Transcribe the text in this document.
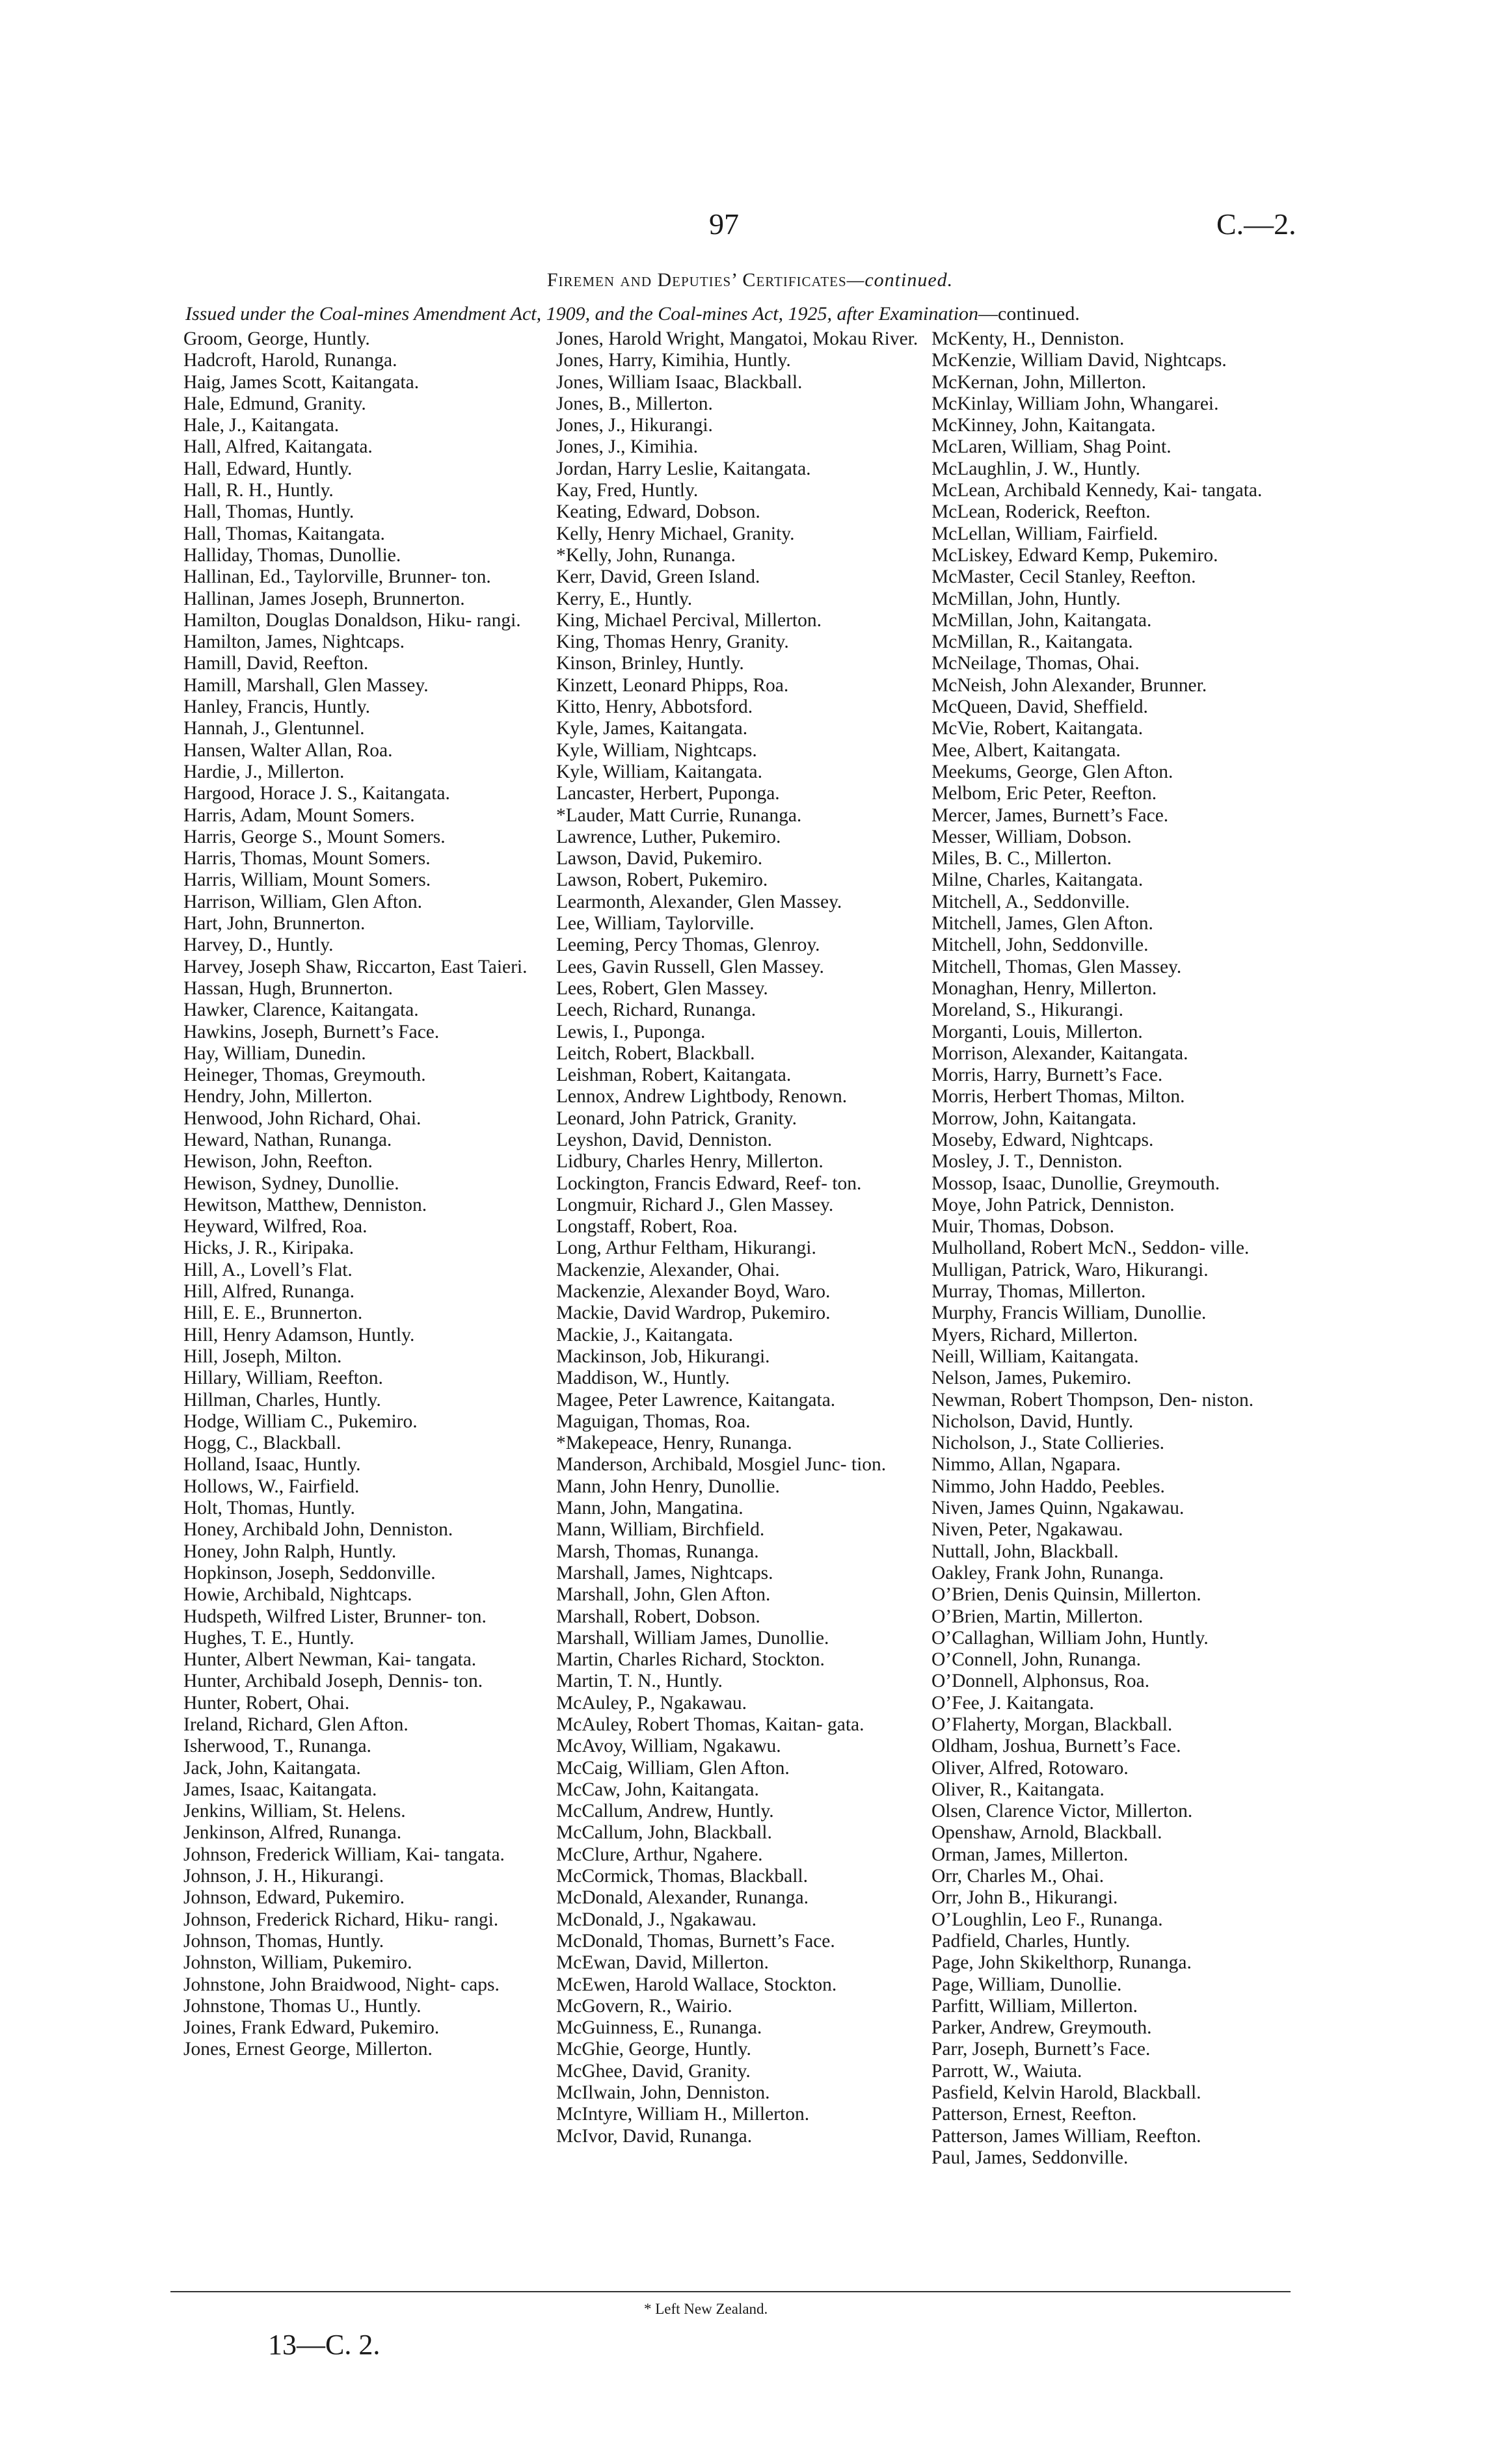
97	C.—2.
Firemen and Deputies’ Certificates—continued.
Issued under the Coal-mines Amendment Act, 1909, and the Coal-mines Act, 1925, after Examination—continued.
Groom, George, Huntly.
Hadcroft, Harold, Runanga.
Haig, James Scott, Kaitangata.
Hale, Edmund, Granity.
Hale, J., Kaitangata.
Hall, Alfred, Kaitangata.
Hall, Edward, Huntly.
Hall, R. H., Huntly.
Hall, Thomas, Huntly.
Hall, Thomas, Kaitangata.
Halliday, Thomas, Dunollie.
Hallinan, Ed., Taylorville, Brunner- ton.
Hallinan, James Joseph, Brunnerton.
Hamilton, Douglas Donaldson, Hiku- rangi.
Hamilton, James, Nightcaps.
Hamill, David, Reefton.
Hamill, Marshall, Glen Massey.
Hanley, Francis, Huntly.
Hannah, J., Glentunnel.
Hansen, Walter Allan, Roa.
Hardie, J., Millerton.
Hargood, Horace J. S., Kaitangata.
Harris, Adam, Mount Somers.
Harris, George S., Mount Somers.
Harris, Thomas, Mount Somers.
Harris, William, Mount Somers.
Harrison, William, Glen Afton.
Hart, John, Brunnerton.
Harvey, D., Huntly.
Harvey, Joseph Shaw, Riccarton, East Taieri.
Hassan, Hugh, Brunnerton.
Hawker, Clarence, Kaitangata.
Hawkins, Joseph, Burnett’s Face.
Hay, William, Dunedin.
Heineger, Thomas, Greymouth.
Hendry, John, Millerton.
Henwood, John Richard, Ohai.
Heward, Nathan, Runanga.
Hewison, John, Reefton.
Hewison, Sydney, Dunollie.
Hewitson, Matthew, Denniston.
Heyward, Wilfred, Roa.
Hicks, J. R., Kiripaka.
Hill, A., Lovell’s Flat.
Hill, Alfred, Runanga.
Hill, E. E., Brunnerton.
Hill, Henry Adamson, Huntly.
Hill, Joseph, Milton.
Hillary, William, Reefton.
Hillman, Charles, Huntly.
Hodge, William C., Pukemiro.
Hogg, C., Blackball.
Holland, Isaac, Huntly.
Hollows, W., Fairfield.
Holt, Thomas, Huntly.
Honey, Archibald John, Denniston.
Honey, John Ralph, Huntly.
Hopkinson, Joseph, Seddonville.
Howie, Archibald, Nightcaps.
Hudspeth, Wilfred Lister, Brunner- ton.
Hughes, T. E., Huntly.
Hunter, Albert Newman, Kai- tangata.
Hunter, Archibald Joseph, Dennis- ton.
Hunter, Robert, Ohai.
Ireland, Richard, Glen Afton.
Isherwood, T., Runanga.
Jack, John, Kaitangata.
James, Isaac, Kaitangata.
Jenkins, William, St. Helens.
Jenkinson, Alfred, Runanga.
Johnson, Frederick William, Kai- tangata.
Johnson, J. H., Hikurangi.
Johnson, Edward, Pukemiro.
Johnson, Frederick Richard, Hiku- rangi.
Johnson, Thomas, Huntly.
Johnston, William, Pukemiro.
Johnstone, John Braidwood, Night- caps.
Johnstone, Thomas U., Huntly.
Joines, Frank Edward, Pukemiro.
Jones, Ernest George, Millerton.
Jones, Harold Wright, Mangatoi, Mokau River.
Jones, Harry, Kimihia, Huntly.
Jones, William Isaac, Blackball.
Jones, B., Millerton.
Jones, J., Hikurangi.
Jones, J., Kimihia.
Jordan, Harry Leslie, Kaitangata.
Kay, Fred, Huntly.
Keating, Edward, Dobson.
Kelly, Henry Michael, Granity.
*Kelly, John, Runanga.
Kerr, David, Green Island.
Kerry, E., Huntly.
King, Michael Percival, Millerton.
King, Thomas Henry, Granity.
Kinson, Brinley, Huntly.
Kinzett, Leonard Phipps, Roa.
Kitto, Henry, Abbotsford.
Kyle, James, Kaitangata.
Kyle, William, Nightcaps.
Kyle, William, Kaitangata.
Lancaster, Herbert, Puponga.
*Lauder, Matt Currie, Runanga.
Lawrence, Luther, Pukemiro.
Lawson, David, Pukemiro.
Lawson, Robert, Pukemiro.
Learmonth, Alexander, Glen Massey.
Lee, William, Taylorville.
Leeming, Percy Thomas, Glenroy.
Lees, Gavin Russell, Glen Massey.
Lees, Robert, Glen Massey.
Leech, Richard, Runanga.
Lewis, I., Puponga.
Leitch, Robert, Blackball.
Leishman, Robert, Kaitangata.
Lennox, Andrew Lightbody, Renown.
Leonard, John Patrick, Granity.
Leyshon, David, Denniston.
Lidbury, Charles Henry, Millerton.
Lockington, Francis Edward, Reef- ton.
Longmuir, Richard J., Glen Massey.
Longstaff, Robert, Roa.
Long, Arthur Feltham, Hikurangi.
Mackenzie, Alexander, Ohai.
Mackenzie, Alexander Boyd, Waro.
Mackie, David Wardrop, Pukemiro.
Mackie, J., Kaitangata.
Mackinson, Job, Hikurangi.
Maddison, W., Huntly.
Magee, Peter Lawrence, Kaitangata.
Maguigan, Thomas, Roa.
*Makepeace, Henry, Runanga.
Manderson, Archibald, Mosgiel Junc- tion.
Mann, John Henry, Dunollie.
Mann, John, Mangatina.
Mann, William, Birchfield.
Marsh, Thomas, Runanga.
Marshall, James, Nightcaps.
Marshall, John, Glen Afton.
Marshall, Robert, Dobson.
Marshall, William James, Dunollie.
Martin, Charles Richard, Stockton.
Martin, T. N., Huntly.
McAuley, P., Ngakawau.
McAuley, Robert Thomas, Kaitan- gata.
McAvoy, William, Ngakawu.
McCaig, William, Glen Afton.
McCaw, John, Kaitangata.
McCallum, Andrew, Huntly.
McCallum, John, Blackball.
McClure, Arthur, Ngahere.
McCormick, Thomas, Blackball.
McDonald, Alexander, Runanga.
McDonald, J., Ngakawau.
McDonald, Thomas, Burnett’s Face.
McEwan, David, Millerton.
McEwen, Harold Wallace, Stockton.
McGovern, R., Wairio.
McGuinness, E., Runanga.
McGhie, George, Huntly.
McGhee, David, Granity.
McIlwain, John, Denniston.
McIntyre, William H., Millerton.
McIvor, David, Runanga.
McKenty, H., Denniston.
McKenzie, William David, Nightcaps.
McKernan, John, Millerton.
McKinlay, William John, Whangarei.
McKinney, John, Kaitangata.
McLaren, William, Shag Point.
McLaughlin, J. W., Huntly.
McLean, Archibald Kennedy, Kai- tangata.
McLean, Roderick, Reefton.
McLellan, William, Fairfield.
McLiskey, Edward Kemp, Pukemiro.
McMaster, Cecil Stanley, Reefton.
McMillan, John, Huntly.
McMillan, John, Kaitangata.
McMillan, R., Kaitangata.
McNeilage, Thomas, Ohai.
McNeish, John Alexander, Brunner.
McQueen, David, Sheffield.
McVie, Robert, Kaitangata.
Mee, Albert, Kaitangata.
Meekums, George, Glen Afton.
Melbom, Eric Peter, Reefton.
Mercer, James, Burnett’s Face.
Messer, William, Dobson.
Miles, B. C., Millerton.
Milne, Charles, Kaitangata.
Mitchell, A., Seddonville.
Mitchell, James, Glen Afton.
Mitchell, John, Seddonville.
Mitchell, Thomas, Glen Massey.
Monaghan, Henry, Millerton.
Moreland, S., Hikurangi.
Morganti, Louis, Millerton.
Morrison, Alexander, Kaitangata.
Morris, Harry, Burnett’s Face.
Morris, Herbert Thomas, Milton.
Morrow, John, Kaitangata.
Moseby, Edward, Nightcaps.
Mosley, J. T., Denniston.
Mossop, Isaac, Dunollie, Greymouth.
Moye, John Patrick, Denniston.
Muir, Thomas, Dobson.
Mulholland, Robert McN., Seddon- ville.
Mulligan, Patrick, Waro, Hikurangi.
Murray, Thomas, Millerton.
Murphy, Francis William, Dunollie.
Myers, Richard, Millerton.
Neill, William, Kaitangata.
Nelson, James, Pukemiro.
Newman, Robert Thompson, Den- niston.
Nicholson, David, Huntly.
Nicholson, J., State Collieries.
Nimmo, Allan, Ngapara.
Nimmo, John Haddo, Peebles.
Niven, James Quinn, Ngakawau.
Niven, Peter, Ngakawau.
Nuttall, John, Blackball.
Oakley, Frank John, Runanga.
O’Brien, Denis Quinsin, Millerton.
O’Brien, Martin, Millerton.
O’Callaghan, William John, Huntly.
O’Connell, John, Runanga.
O’Donnell, Alphonsus, Roa.
O’Fee, J. Kaitangata.
O’Flaherty, Morgan, Blackball.
Oldham, Joshua, Burnett’s Face.
Oliver, Alfred, Rotowaro.
Oliver, R., Kaitangata.
Olsen, Clarence Victor, Millerton.
Openshaw, Arnold, Blackball.
Orman, James, Millerton.
Orr, Charles M., Ohai.
Orr, John B., Hikurangi.
O’Loughlin, Leo F., Runanga.
Padfield, Charles, Huntly.
Page, John Skikelthorp, Runanga.
Page, William, Dunollie.
Parfitt, William, Millerton.
Parker, Andrew, Greymouth.
Parr, Joseph, Burnett’s Face.
Parrott, W., Waiuta.
Pasfield, Kelvin Harold, Blackball.
Patterson, Ernest, Reefton.
Patterson, James William, Reefton.
Paul, James, Seddonville.
* Left New Zealand.
13—C. 2.
